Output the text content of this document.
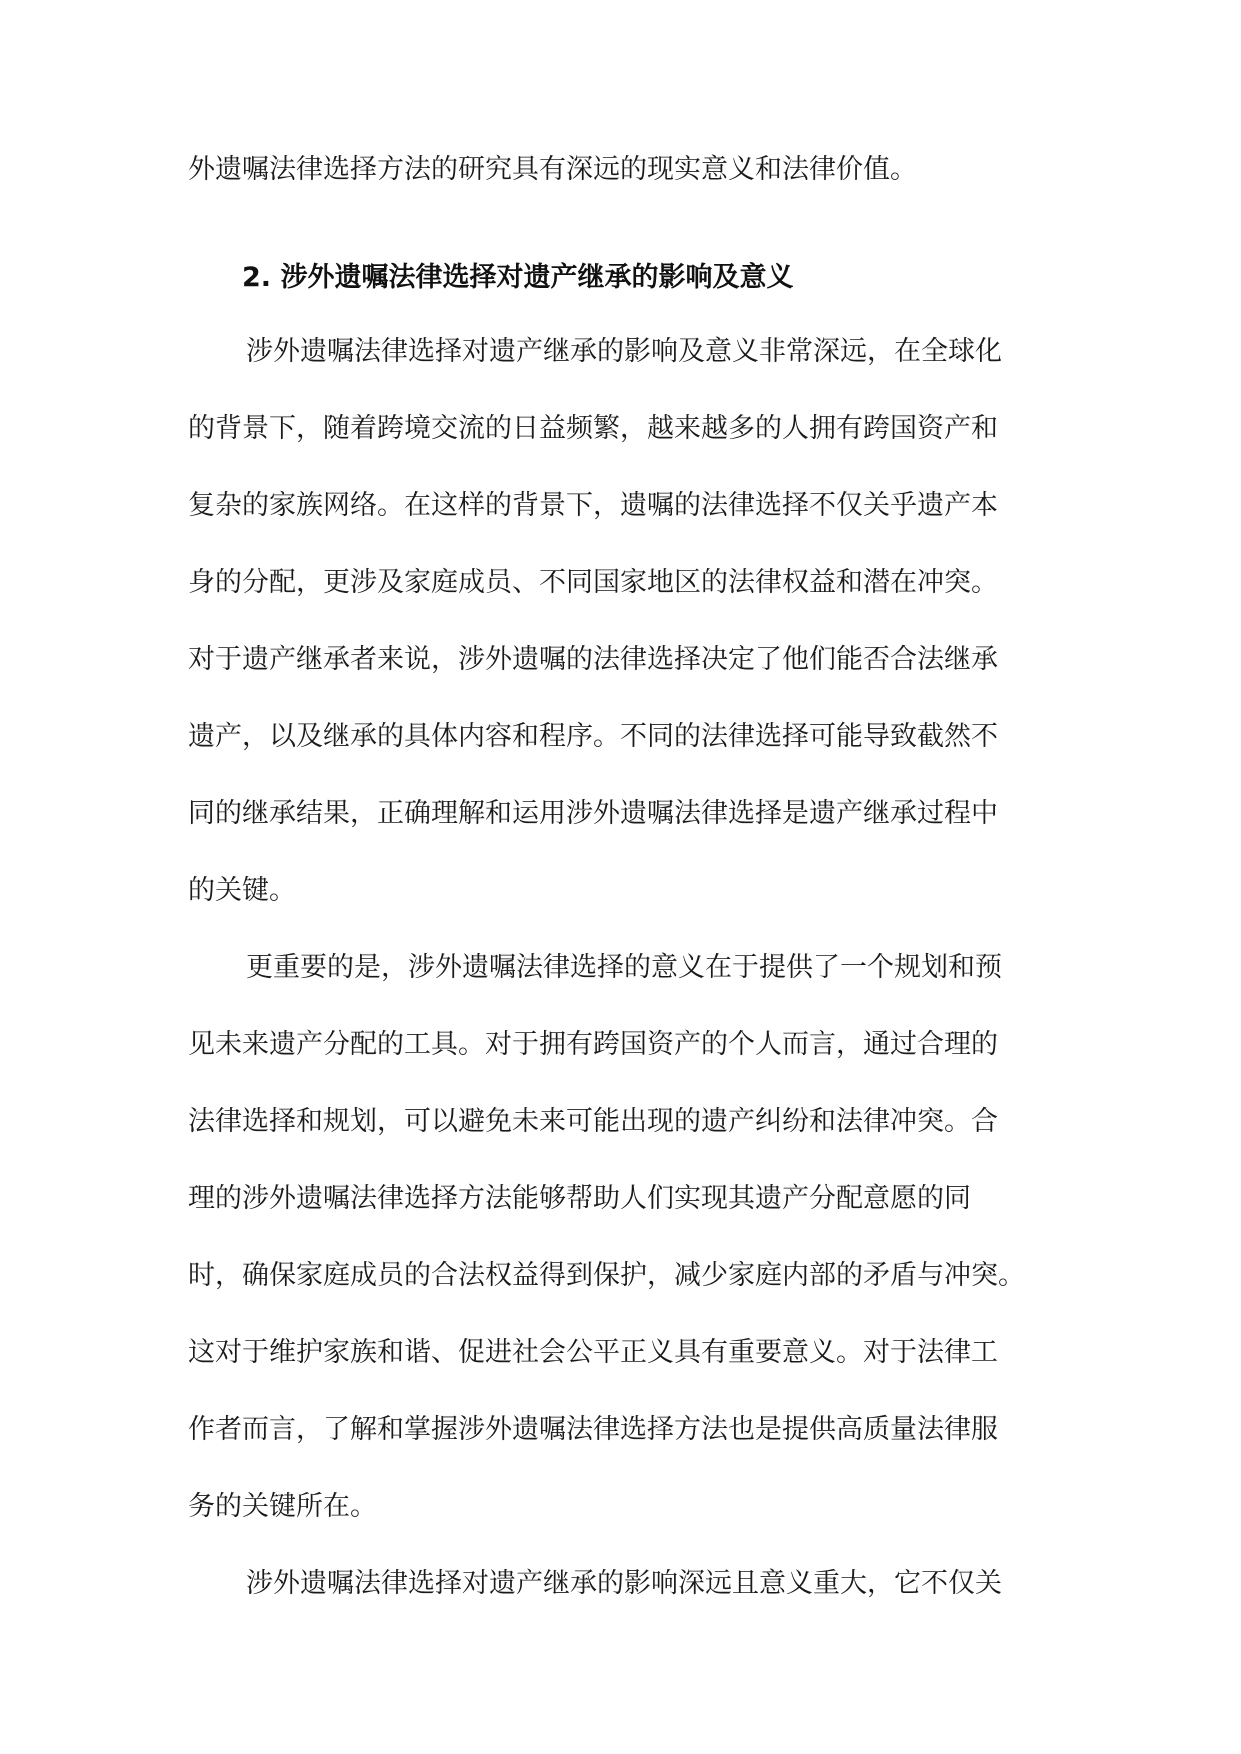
外遗嘱法律选择方法的研究具有深远的现实意义和法律价值。

2. 涉外遗嘱法律选择对遗产继承的影响及意义

涉外遗嘱法律选择对遗产继承的影响及意义非常深远，在全球化

的背景下，随着跨境交流的日益频繁，越来越多的人拥有跨国资产和

复杂的家族网络。在这样的背景下，遗嘱的法律选择不仅关乎遗产本

身的分配，更涉及家庭成员、不同国家地区的法律权益和潜在冲突。

对于遗产继承者来说，涉外遗嘱的法律选择决定了他们能否合法继承

遗产，以及继承的具体内容和程序。不同的法律选择可能导致截然不

同的继承结果，正确理解和运用涉外遗嘱法律选择是遗产继承过程中

的关键。

更重要的是，涉外遗嘱法律选择的意义在于提供了一个规划和预

见未来遗产分配的工具。对于拥有跨国资产的个人而言，通过合理的

法律选择和规划，可以避免未来可能出现的遗产纠纷和法律冲突。合

理的涉外遗嘱法律选择方法能够帮助人们实现其遗产分配意愿的同

时，确保家庭成员的合法权益得到保护，减少家庭内部的矛盾与冲突。

这对于维护家族和谐、促进社会公平正义具有重要意义。对于法律工

作者而言，了解和掌握涉外遗嘱法律选择方法也是提供高质量法律服

务的关键所在。

涉外遗嘱法律选择对遗产继承的影响深远且意义重大，它不仅关
